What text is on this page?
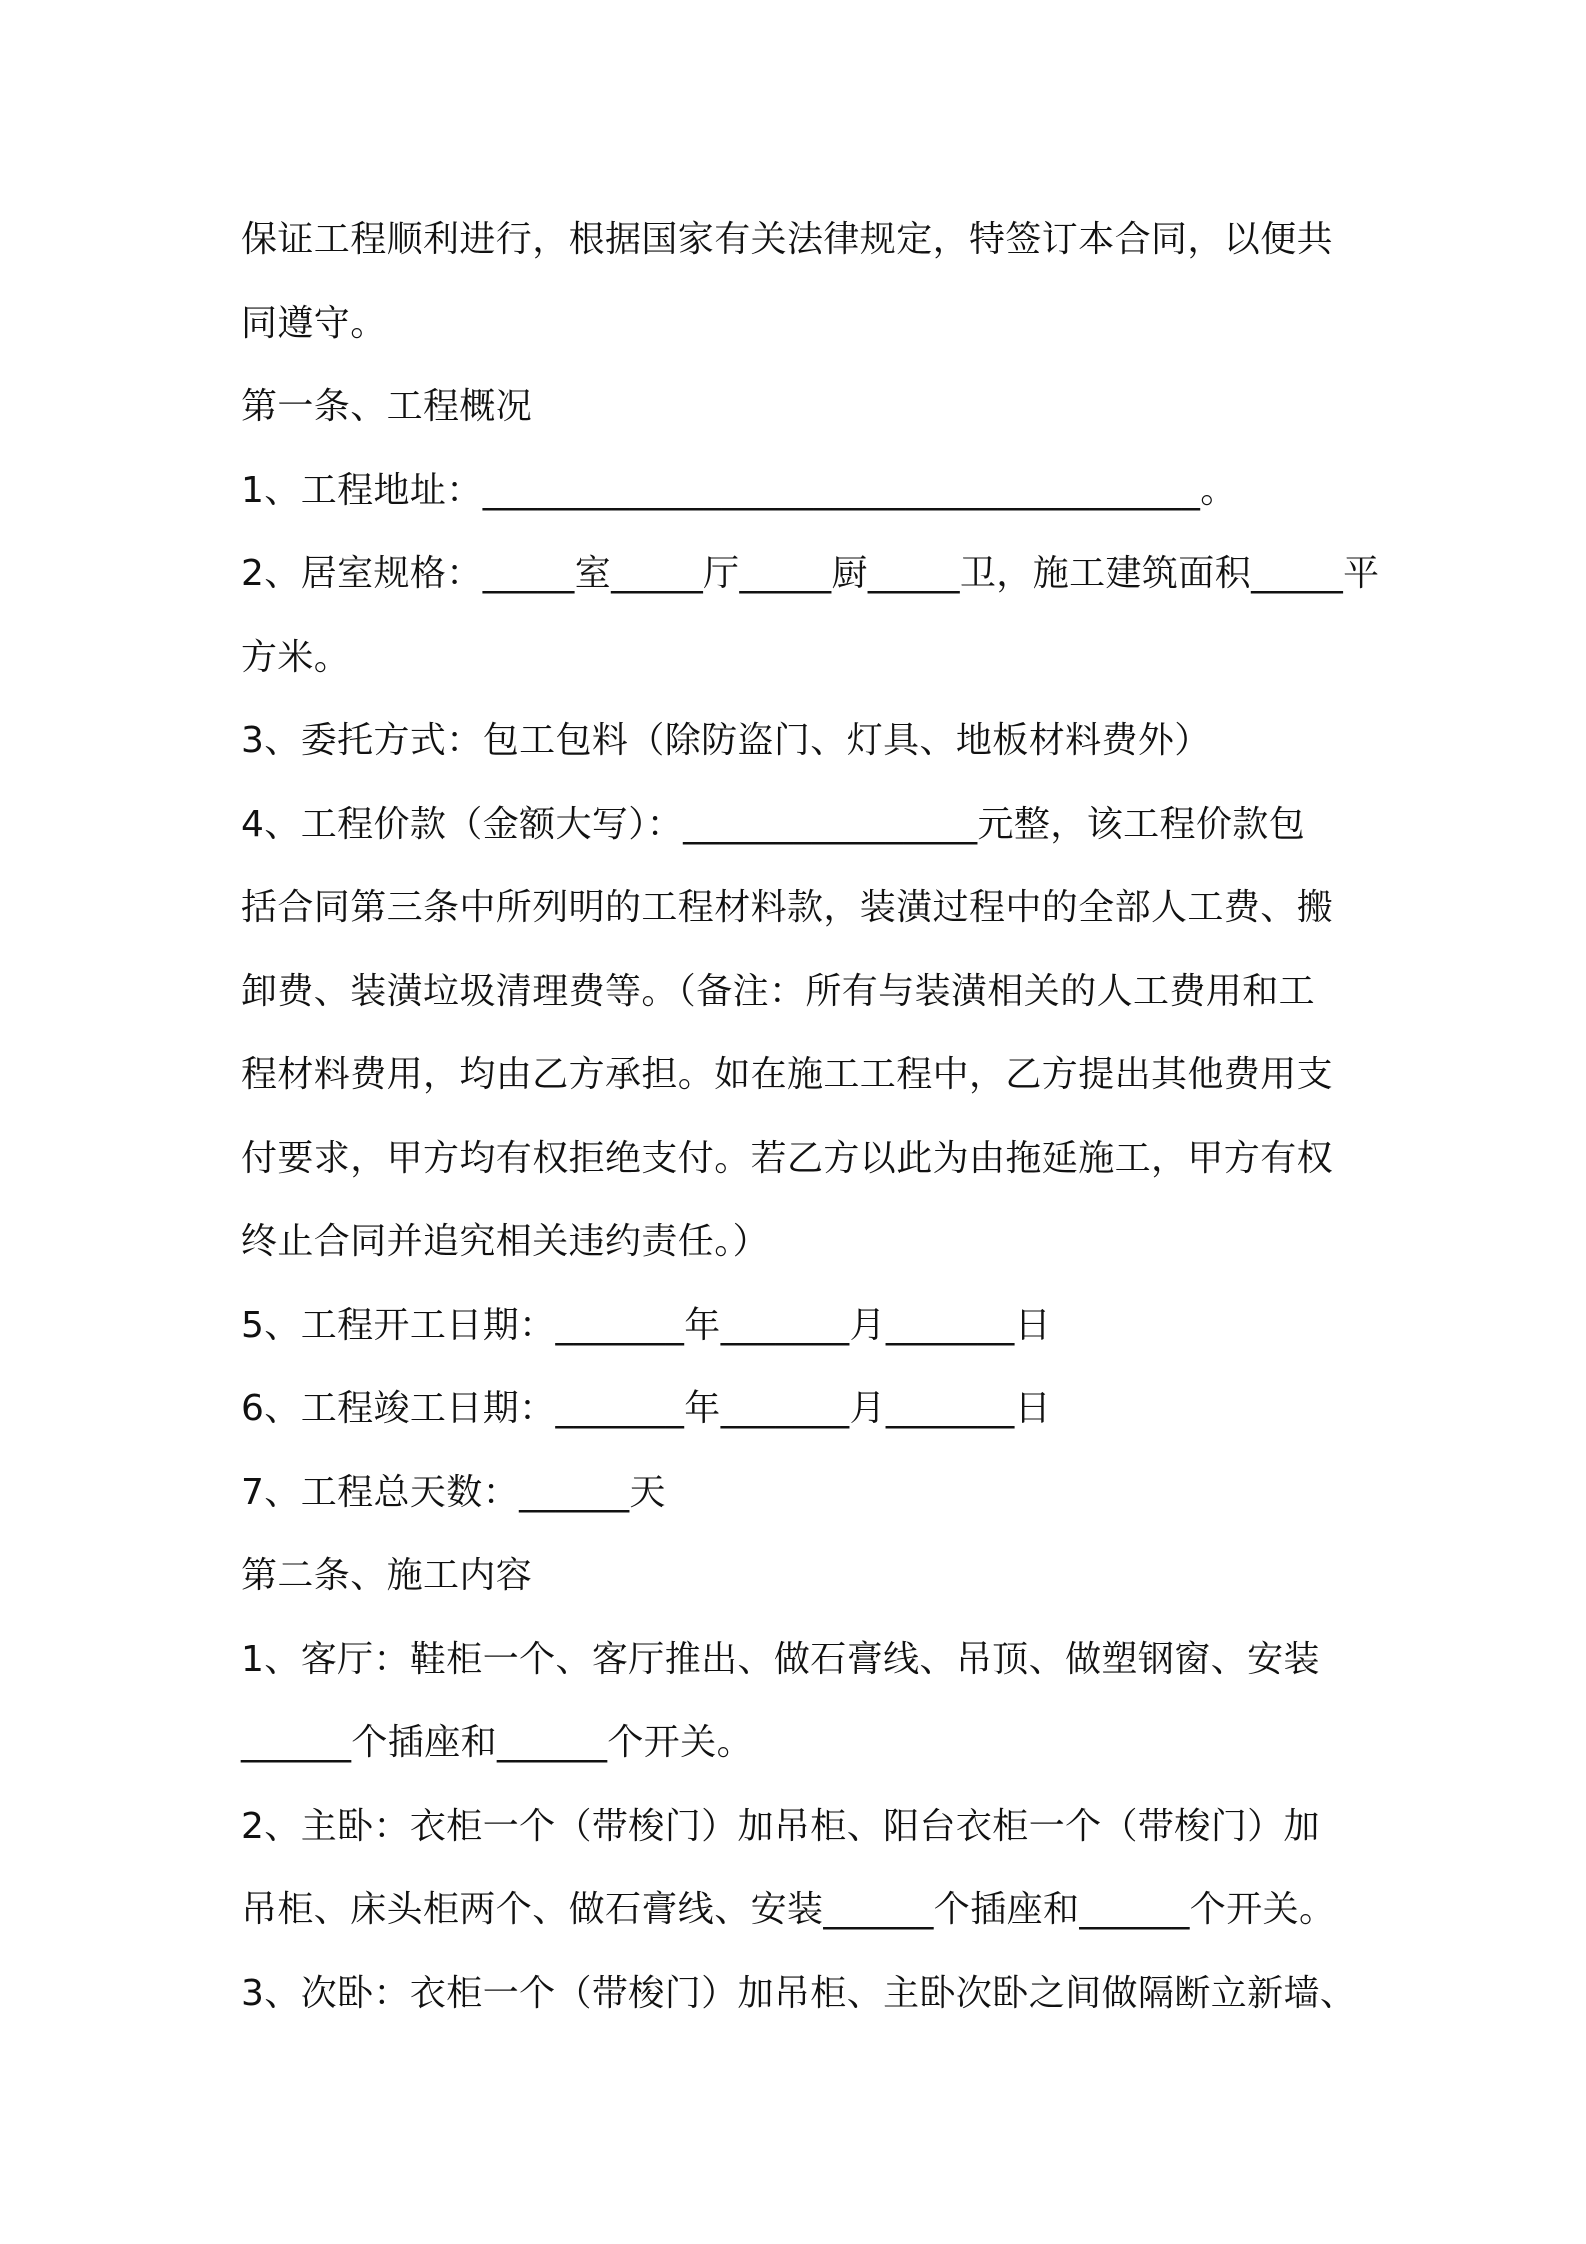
保证工程顺利进行，根据国家有关法律规定，特签订本合同，以便共

同遵守。

第一条、工程概况

1、工程地址：_______________________________________。

2、居室规格：_____室_____厅_____厨_____卫，施工建筑面积_____平

方米。

3、委托方式：包工包料（除防盗门、灯具、地板材料费外）

4、工程价款（金额大写）：________________元整，该工程价款包

括合同第三条中所列明的工程材料款，装潢过程中的全部人工费、搬

卸费、装潢垃圾清理费等。（备注：所有与装潢相关的人工费用和工

程材料费用，均由乙方承担。如在施工工程中，乙方提出其他费用支

付要求，甲方均有权拒绝支付。若乙方以此为由拖延施工，甲方有权

终止合同并追究相关违约责任。）

5、工程开工日期：_______年_______月_______日

6、工程竣工日期：_______年_______月_______日

7、工程总天数：______天

第二条、施工内容

1、客厅：鞋柜一个、客厅推出、做石膏线、吊顶、做塑钢窗、安装

______个插座和______个开关。

2、主卧：衣柜一个（带梭门）加吊柜、阳台衣柜一个（带梭门）加

吊柜、床头柜两个、做石膏线、安装______个插座和______个开关。

3、次卧：衣柜一个（带梭门）加吊柜、主卧次卧之间做隔断立新墙、
